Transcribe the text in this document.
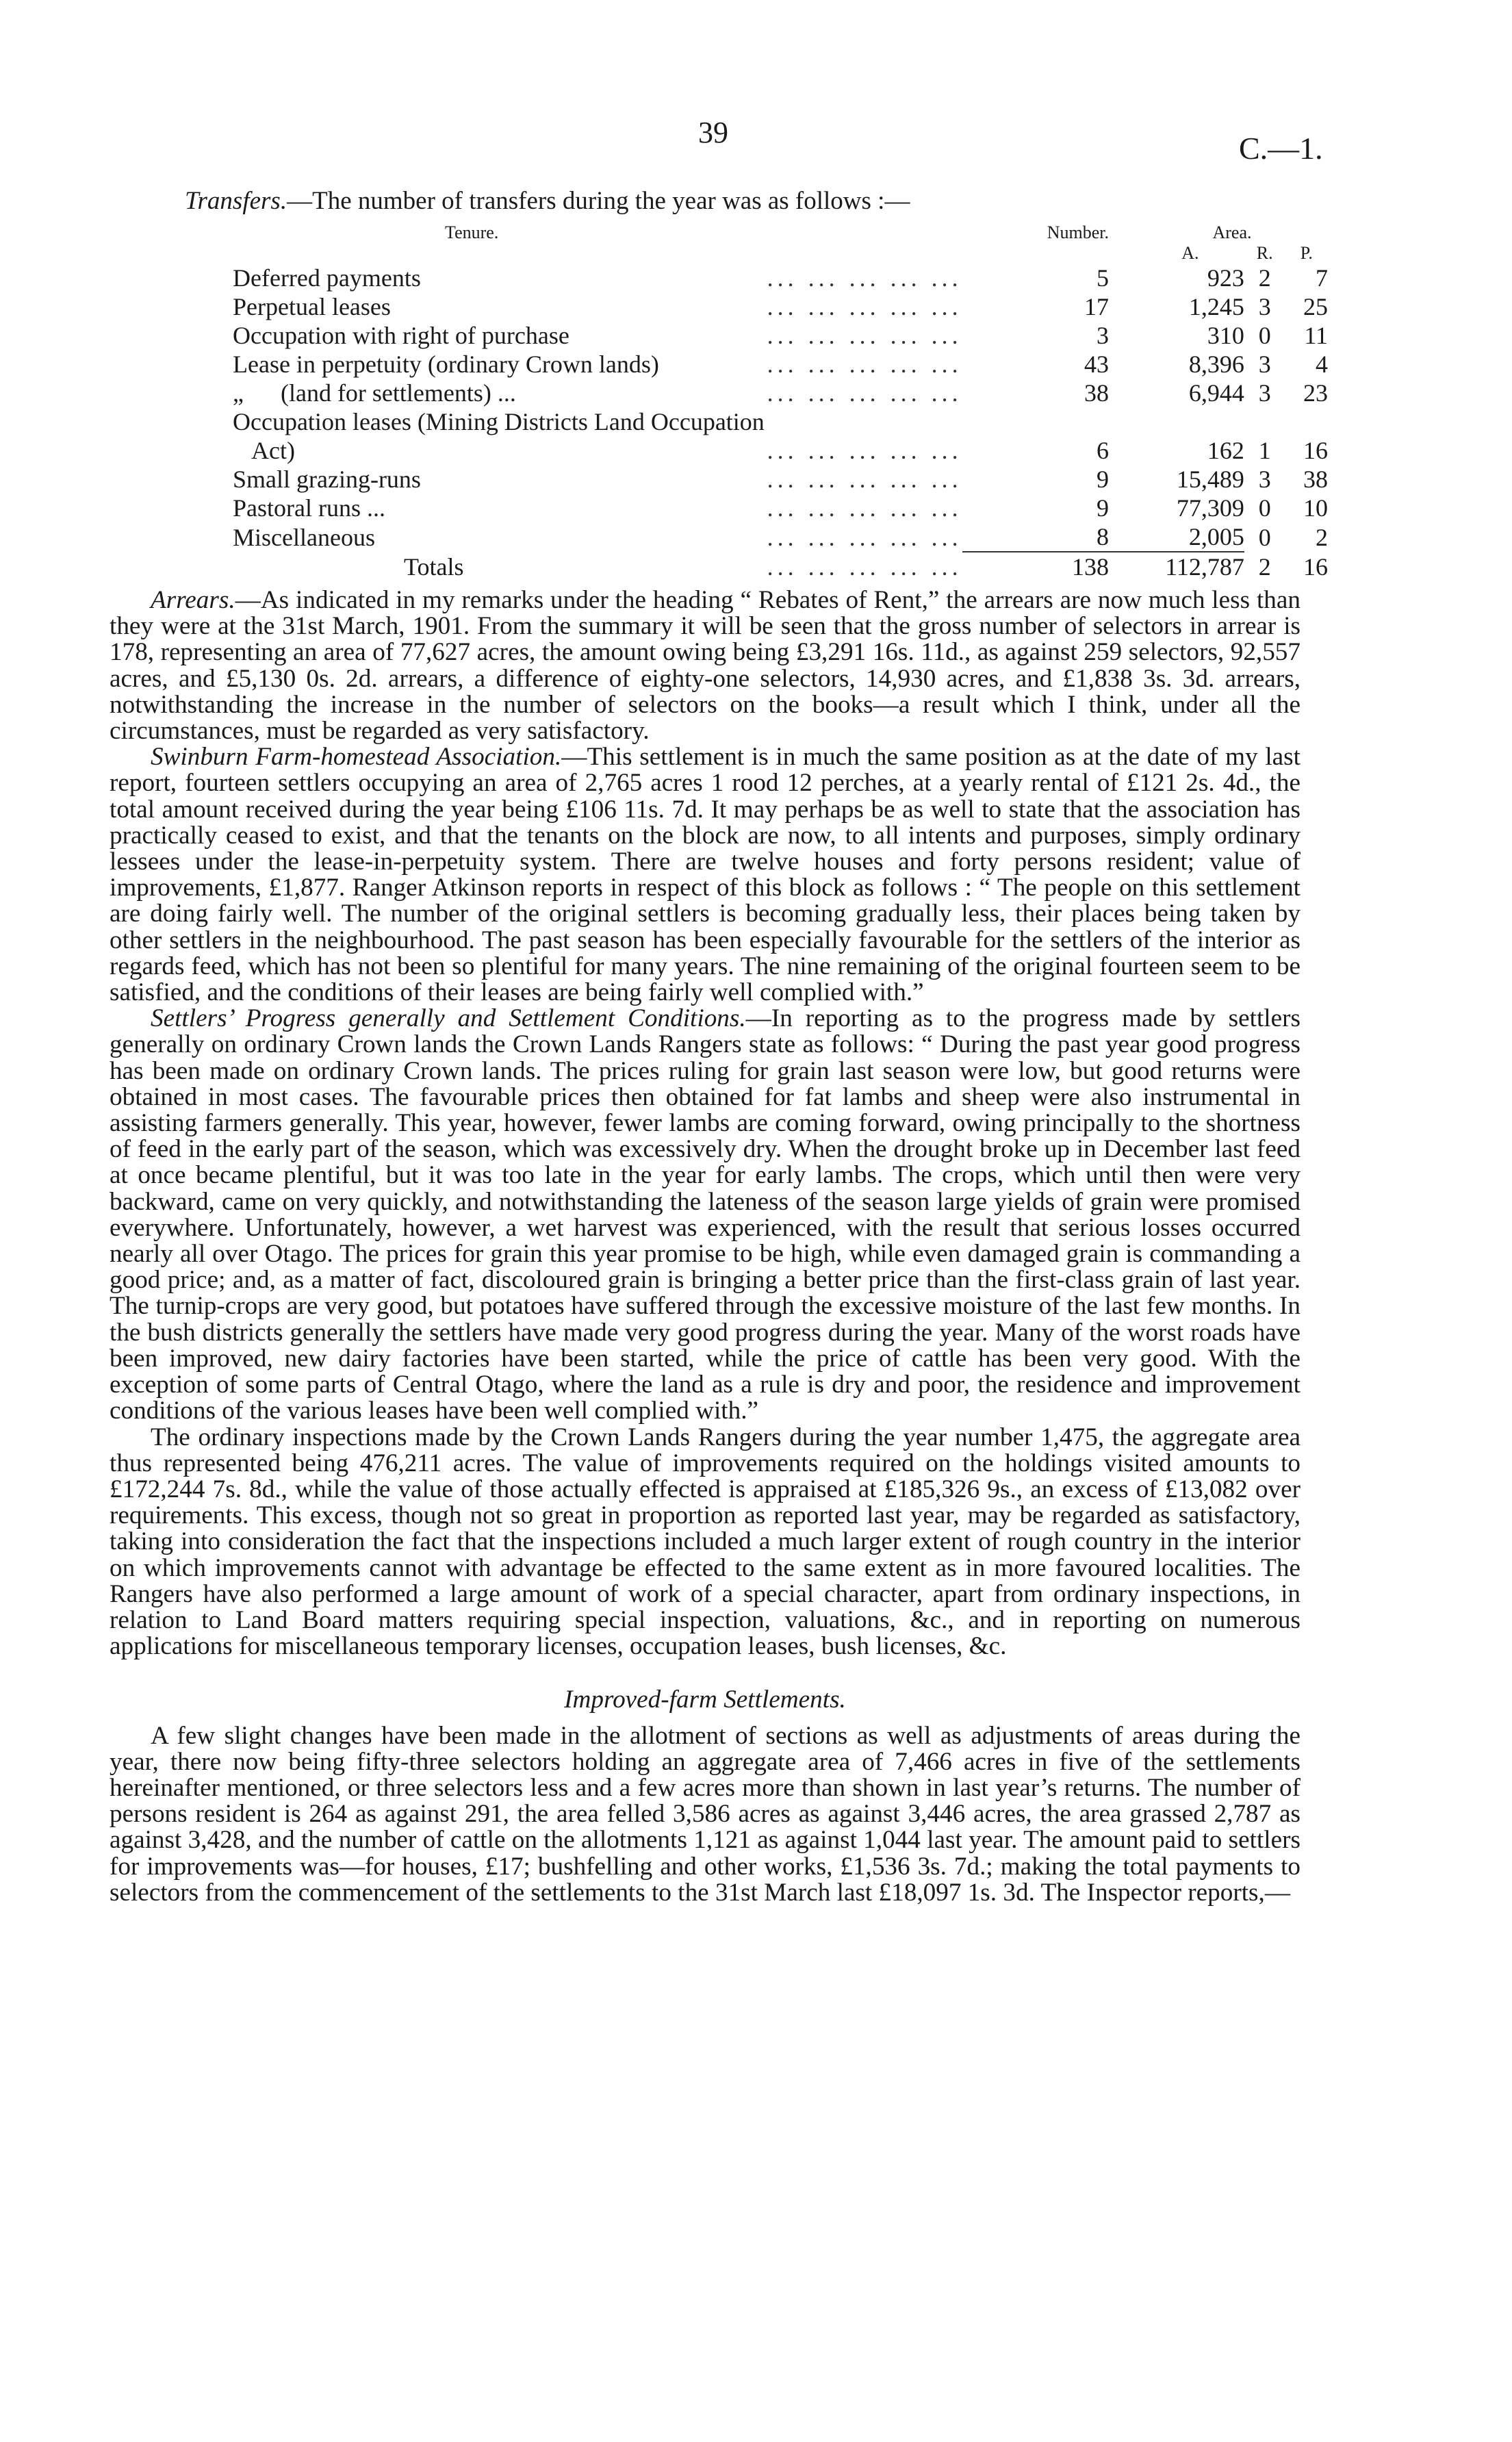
39	C.—1.
Transfers.—The number of transfers during the year was as follows :—
Tenure.	Number.	Area.		
		A.	R.	P.
Deferred payments ... ... ... ... ...	5	923	2	7
Perpetual leases ... ... ... ... ...	17	1,245	3	25
Occupation with right of purchase ... ... ... ... ...	3	310	0	11
Lease in perpetuity (ordinary Crown lands) ... ... ... ... ...	43	8,396	3	4
„      (land for settlements) ... ... ... ... ... ...	38	6,944	3	23
Occupation leases (Mining Districts Land Occupation				
Act) ... ... ... ... ...	6	162	1	16
Small grazing-runs ... ... ... ... ...	9	15,489	3	38
Pastoral runs ... ... ... ... ... ...	9	77,309	0	10
Miscellaneous ... ... ... ... ...	8	2,005	0	2
Totals ... ... ... ... ...	138	112,787	2	16

Arrears.—As indicated in my remarks under the heading “ Rebates of Rent,” the arrears are now much less than they were at the 31st March, 1901. From the summary it will be seen that the gross number of selectors in arrear is 178, representing an area of 77,627 acres, the amount owing being £3,291 16s. 11d., as against 259 selectors, 92,557 acres, and £5,130 0s. 2d. arrears, a difference of eighty-one selectors, 14,930 acres, and £1,838 3s. 3d. arrears, notwithstanding the increase in the number of selectors on the books—a result which I think, under all the circumstances, must be regarded as very satisfactory.

Swinburn Farm-homestead Association.—This settlement is in much the same position as at the date of my last report, fourteen settlers occupying an area of 2,765 acres 1 rood 12 perches, at a yearly rental of £121 2s. 4d., the total amount received during the year being £106 11s. 7d. It may perhaps be as well to state that the association has practically ceased to exist, and that the tenants on the block are now, to all intents and purposes, simply ordinary lessees under the lease-in-perpetuity system. There are twelve houses and forty persons resident; value of improvements, £1,877. Ranger Atkinson reports in respect of this block as follows : “ The people on this settlement are doing fairly well. The number of the original settlers is becoming gradually less, their places being taken by other settlers in the neighbourhood. The past season has been especially favourable for the settlers of the interior as regards feed, which has not been so plentiful for many years. The nine remaining of the original fourteen seem to be satisfied, and the conditions of their leases are being fairly well complied with.”

Settlers’ Progress generally and Settlement Conditions.—In reporting as to the progress made by settlers generally on ordinary Crown lands the Crown Lands Rangers state as follows: “ During the past year good progress has been made on ordinary Crown lands. The prices ruling for grain last season were low, but good returns were obtained in most cases. The favourable prices then obtained for fat lambs and sheep were also instrumental in assisting farmers generally. This year, however, fewer lambs are coming forward, owing principally to the shortness of feed in the early part of the season, which was excessively dry. When the drought broke up in December last feed at once became plentiful, but it was too late in the year for early lambs. The crops, which until then were very backward, came on very quickly, and notwithstanding the lateness of the season large yields of grain were promised everywhere. Unfortunately, however, a wet harvest was experienced, with the result that serious losses occurred nearly all over Otago. The prices for grain this year promise to be high, while even damaged grain is commanding a good price; and, as a matter of fact, discoloured grain is bringing a better price than the first-class grain of last year. The turnip-crops are very good, but potatoes have suffered through the excessive moisture of the last few months. In the bush districts generally the settlers have made very good progress during the year. Many of the worst roads have been improved, new dairy factories have been started, while the price of cattle has been very good. With the exception of some parts of Central Otago, where the land as a rule is dry and poor, the residence and improvement conditions of the various leases have been well complied with.”

The ordinary inspections made by the Crown Lands Rangers during the year number 1,475, the aggregate area thus represented being 476,211 acres. The value of improvements required on the holdings visited amounts to £172,244 7s. 8d., while the value of those actually effected is appraised at £185,326 9s., an excess of £13,082 over requirements. This excess, though not so great in proportion as reported last year, may be regarded as satisfactory, taking into consideration the fact that the inspections included a much larger extent of rough country in the interior on which improvements cannot with advantage be effected to the same extent as in more favoured localities. The Rangers have also performed a large amount of work of a special character, apart from ordinary inspections, in relation to Land Board matters requiring special inspection, valuations, &c., and in reporting on numerous applications for miscellaneous temporary licenses, occupation leases, bush licenses, &c.

Improved-farm Settlements.

A few slight changes have been made in the allotment of sections as well as adjustments of areas during the year, there now being fifty-three selectors holding an aggregate area of 7,466 acres in five of the settlements hereinafter mentioned, or three selectors less and a few acres more than shown in last year’s returns. The number of persons resident is 264 as against 291, the area felled 3,586 acres as against 3,446 acres, the area grassed 2,787 as against 3,428, and the number of cattle on the allotments 1,121 as against 1,044 last year. The amount paid to settlers for improvements was—for houses, £17; bushfelling and other works, £1,536 3s. 7d.; making the total payments to selectors from the commencement of the settlements to the 31st March last £18,097 1s. 3d. The Inspector reports,—
